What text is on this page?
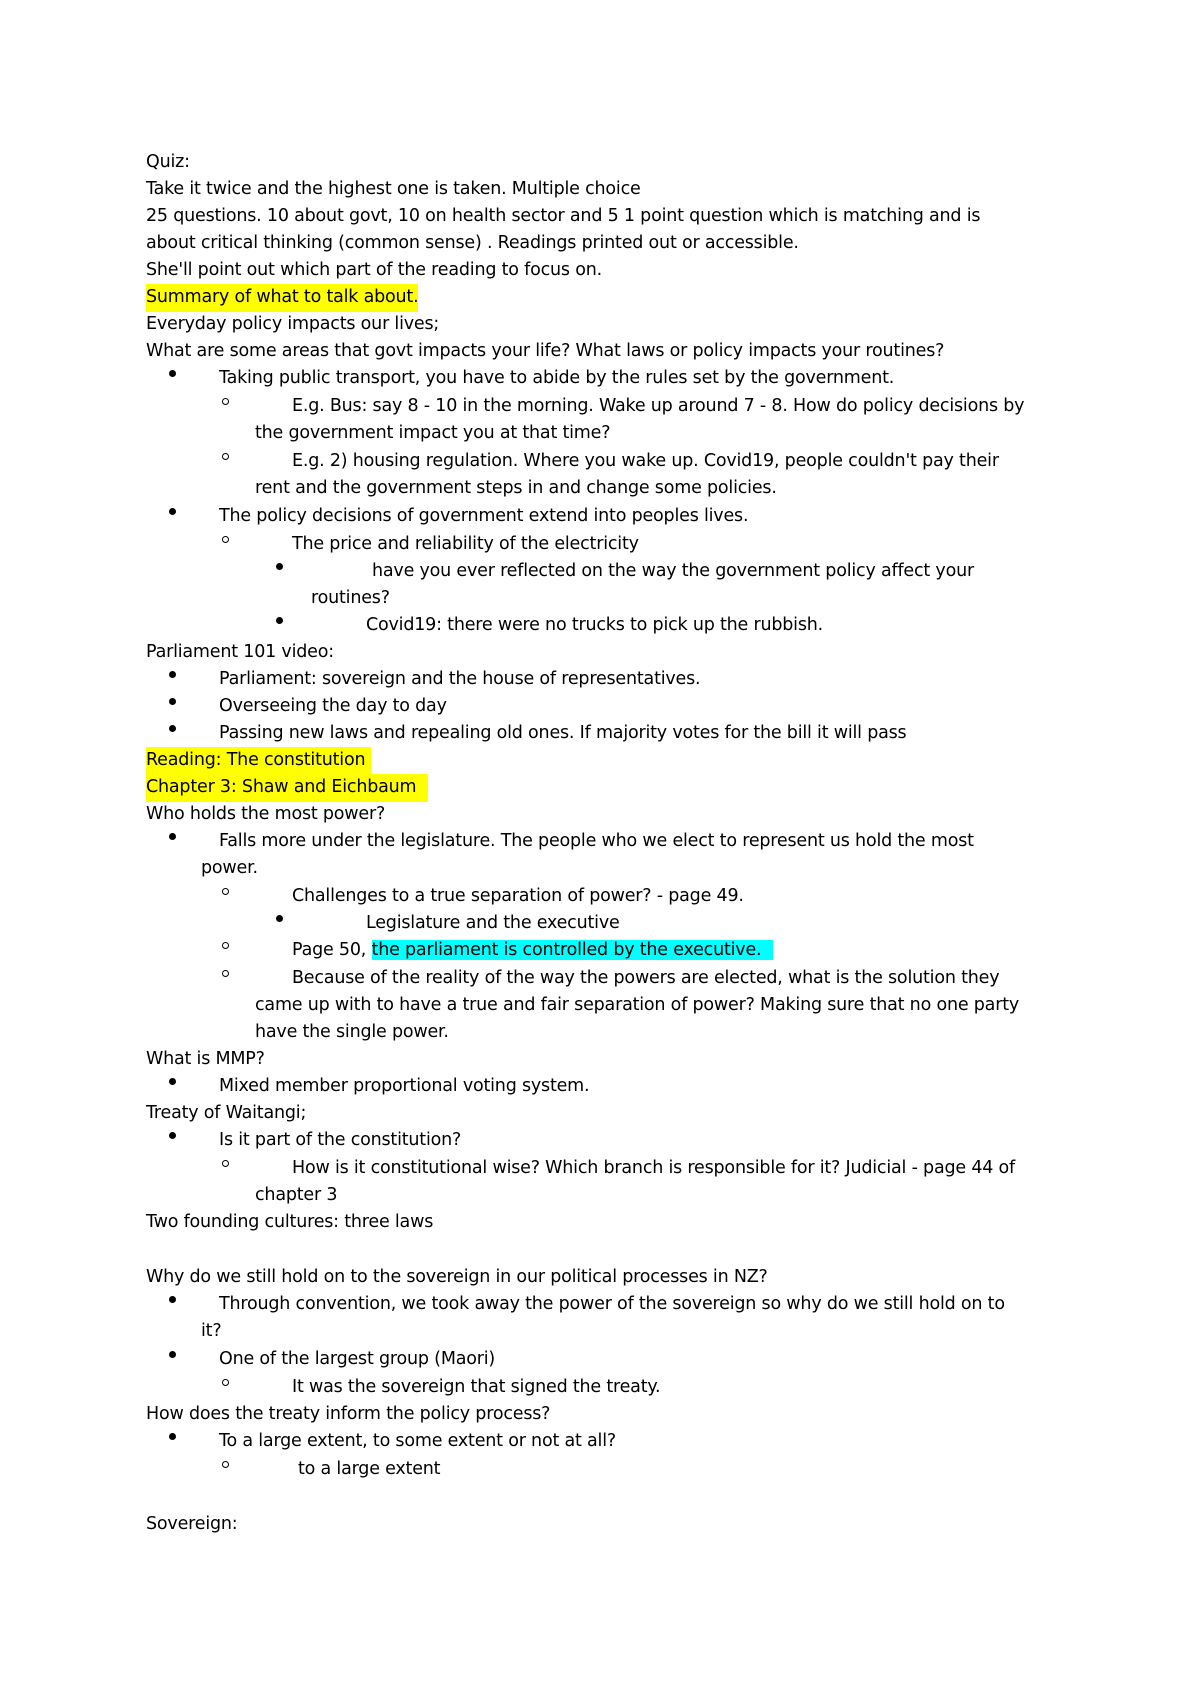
Quiz:
Take it twice and the highest one is taken. Multiple choice
25 questions. 10 about govt, 10 on health sector and 5 1 point question which is matching and is
about critical thinking (common sense) . Readings printed out or accessible.
She'll point out which part of the reading to focus on.
Summary of what to talk about.
Everyday policy impacts our lives;
What are some areas that govt impacts your life? What laws or policy impacts your routines?
Taking public transport, you have to abide by the rules set by the government.
E.g. Bus: say 8 - 10 in the morning. Wake up around 7 - 8. How do policy decisions by
the government impact you at that time?
E.g. 2) housing regulation. Where you wake up. Covid19, people couldn't pay their
rent and the government steps in and change some policies.
The policy decisions of government extend into peoples lives.
The price and reliability of the electricity
have you ever reflected on the way the government policy affect your
routines?
Covid19: there were no trucks to pick up the rubbish.
Parliament 101 video:
Parliament: sovereign and the house of representatives.
Overseeing the day to day
Passing new laws and repealing old ones. If majority votes for the bill it will pass
Reading: The constitution
Chapter 3: Shaw and Eichbaum
Who holds the most power?
Falls more under the legislature. The people who we elect to represent us hold the most
power.
Challenges to a true separation of power? - page 49.
Legislature and the executive
Page 50, the parliament is controlled by the executive.
Because of the reality of the way the powers are elected, what is the solution they
came up with to have a true and fair separation of power? Making sure that no one party
have the single power.
What is MMP?
Mixed member proportional voting system.
Treaty of Waitangi;
Is it part of the constitution?
How is it constitutional wise? Which branch is responsible for it? Judicial - page 44 of
chapter 3
Two founding cultures: three laws
Why do we still hold on to the sovereign in our political processes in NZ?
Through convention, we took away the power of the sovereign so why do we still hold on to
it?
One of the largest group (Maori)
It was the sovereign that signed the treaty.
How does the treaty inform the policy process?
To a large extent, to some extent or not at all?
to a large extent
Sovereign:
